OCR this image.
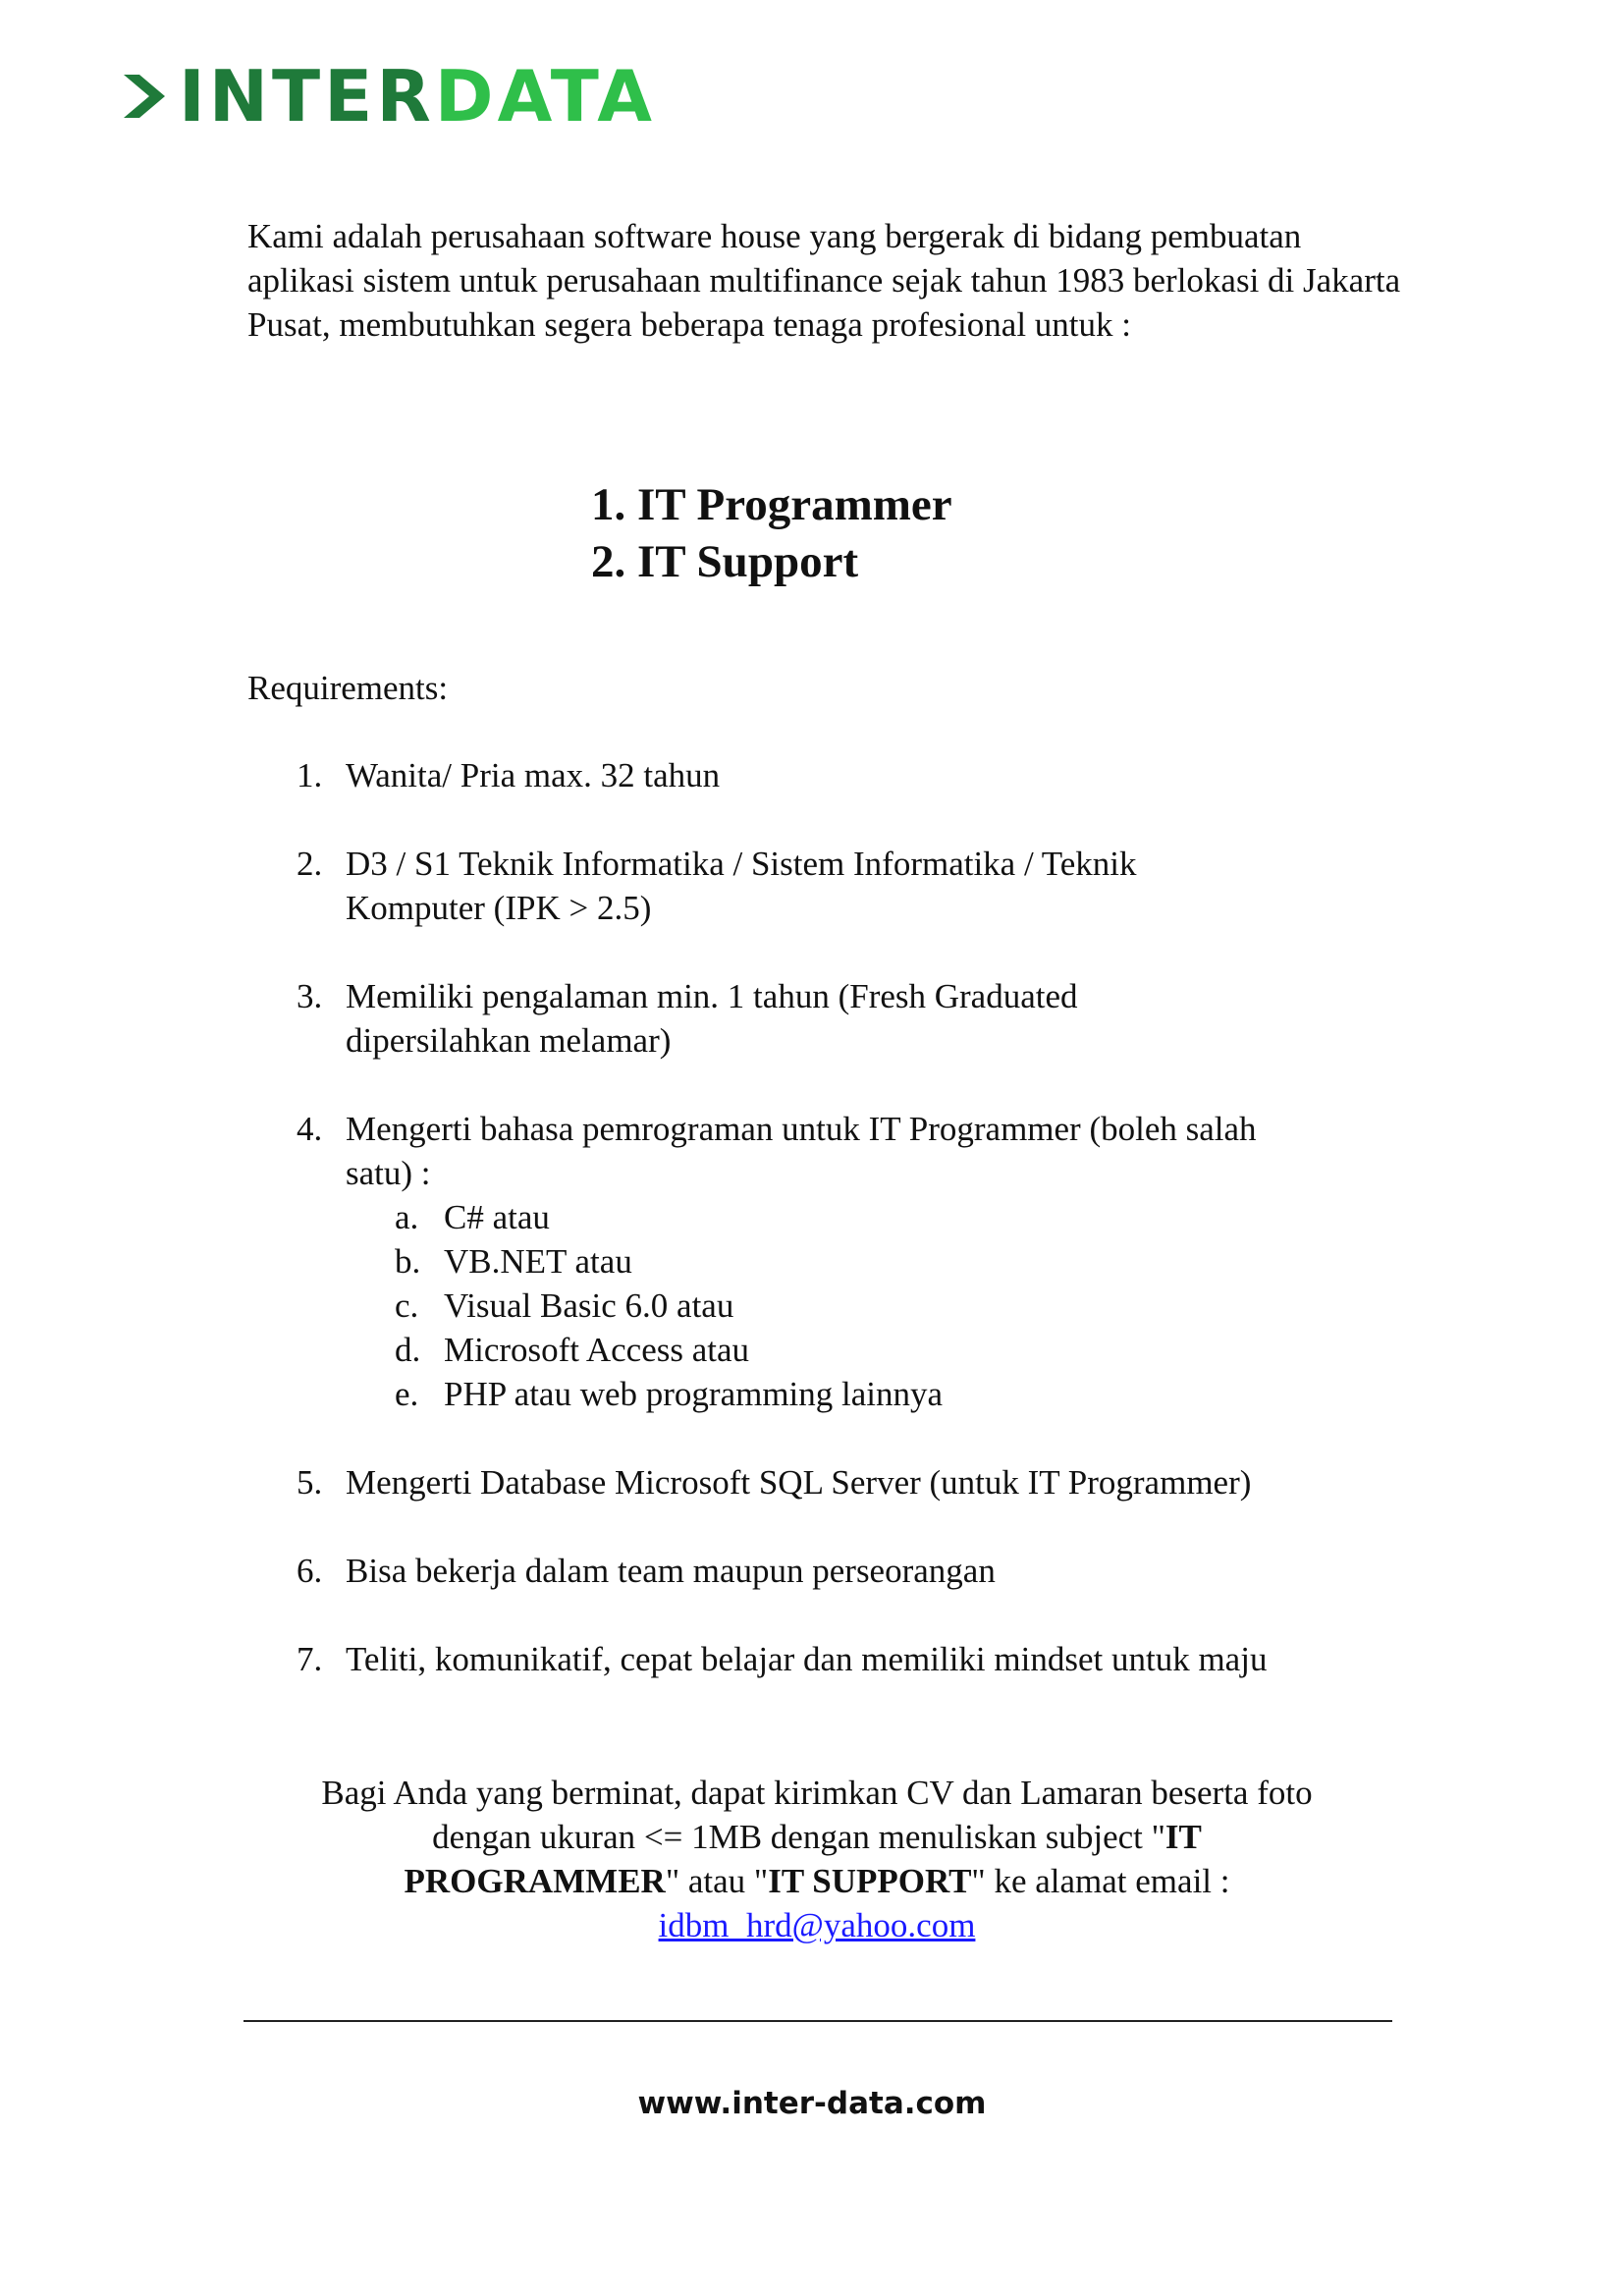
INTERDATA

Kami adalah perusahaan software house yang bergerak di bidang pembuatan aplikasi sistem untuk perusahaan multifinance sejak tahun 1983 berlokasi di Jakarta Pusat, membutuhkan segera beberapa tenaga profesional untuk :

1. IT Programmer
2. IT Support
Requirements:
1. Wanita/ Pria max. 32 tahun
2. D3 / S1 Teknik Informatika / Sistem Informatika / Teknik
Komputer (IPK > 2.5)
3. Memiliki pengalaman min. 1 tahun (Fresh Graduated
dipersilahkan melamar)
4. Mengerti bahasa pemrograman untuk IT Programmer (boleh salah
satu) :
a. C# atau
b. VB.NET atau
c. Visual Basic 6.0 atau
d. Microsoft Access atau
e. PHP atau web programming lainnya
5. Mengerti Database Microsoft SQL Server (untuk IT Programmer)
6. Bisa bekerja dalam team maupun perseorangan
7. Teliti, komunikatif, cepat belajar dan memiliki mindset untuk maju
Bagi Anda yang berminat, dapat kirimkan CV dan Lamaran beserta foto
dengan ukuran <= 1MB dengan menuliskan subject "IT
PROGRAMMER" atau "IT SUPPORT" ke alamat email :
idbm_hrd@yahoo.com
www.inter-data.com
